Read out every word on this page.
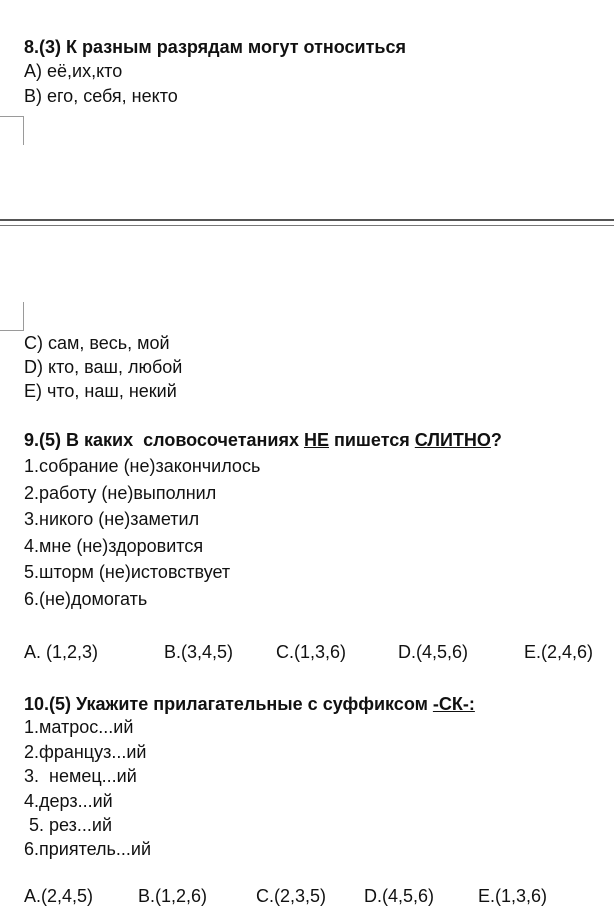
8.(3) К разным разрядам могут относиться
A) её,их,кто
B) его, себя, некто
C) сам, весь, мой
D) кто, ваш, любой
E) что, наш, некий
9.(5) В каких  словосочетаниях НЕ пишется СЛИТНО?
1.собрание (не)закончилось
2.работу (не)выполнил
3.никого (не)заметил
4.мне (не)здоровится
5.шторм (не)истовствует
6.(не)домогать
A. (1,2,3)	B.(3,4,5) C.(1,3,6)	D.(4,5,6)	E.(2,4,6)
10.(5) Укажите прилагательные с суффиксом -СК-:
1.матрос...ий
2.француз...ий
3.  немец...ий
4.дерз...ий
5. рез...ий
6.приятель...ий
A.(2,4,5) B.(1,2,6)	C.(2,3,5) D.(4,5,6) E.(1,3,6)
